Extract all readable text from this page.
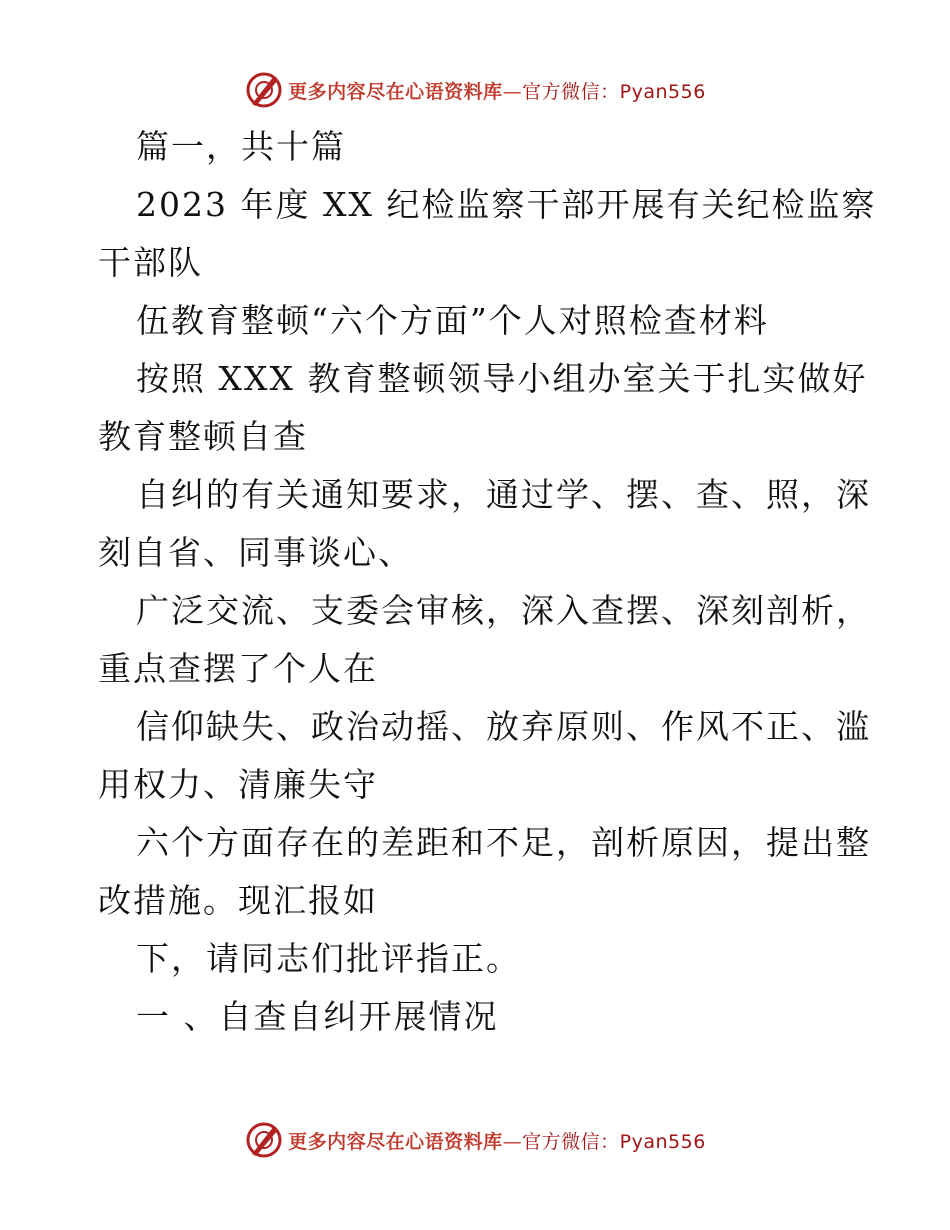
更多内容尽在心语资料库—官方微信：Pyan556
篇一，共十篇
2023 年度 XX 纪检监察干部开展有关纪检监察
干部队
伍教育整顿“六个方面”个人对照检查材料
按照 XXX 教育整顿领导小组办室关于扎实做好
教育整顿自查
自纠的有关通知要求，通过学、摆、查、照，深
刻自省、同事谈心、
广泛交流、支委会审核，深入查摆、深刻剖析，
重点查摆了个人在
信仰缺失、政治动摇、放弃原则、作风不正、滥
用权力、清廉失守
六个方面存在的差距和不足，剖析原因，提出整
改措施。现汇报如
下，请同志们批评指正。
一 、自查自纠开展情况
更多内容尽在心语资料库—官方微信：Pyan556
